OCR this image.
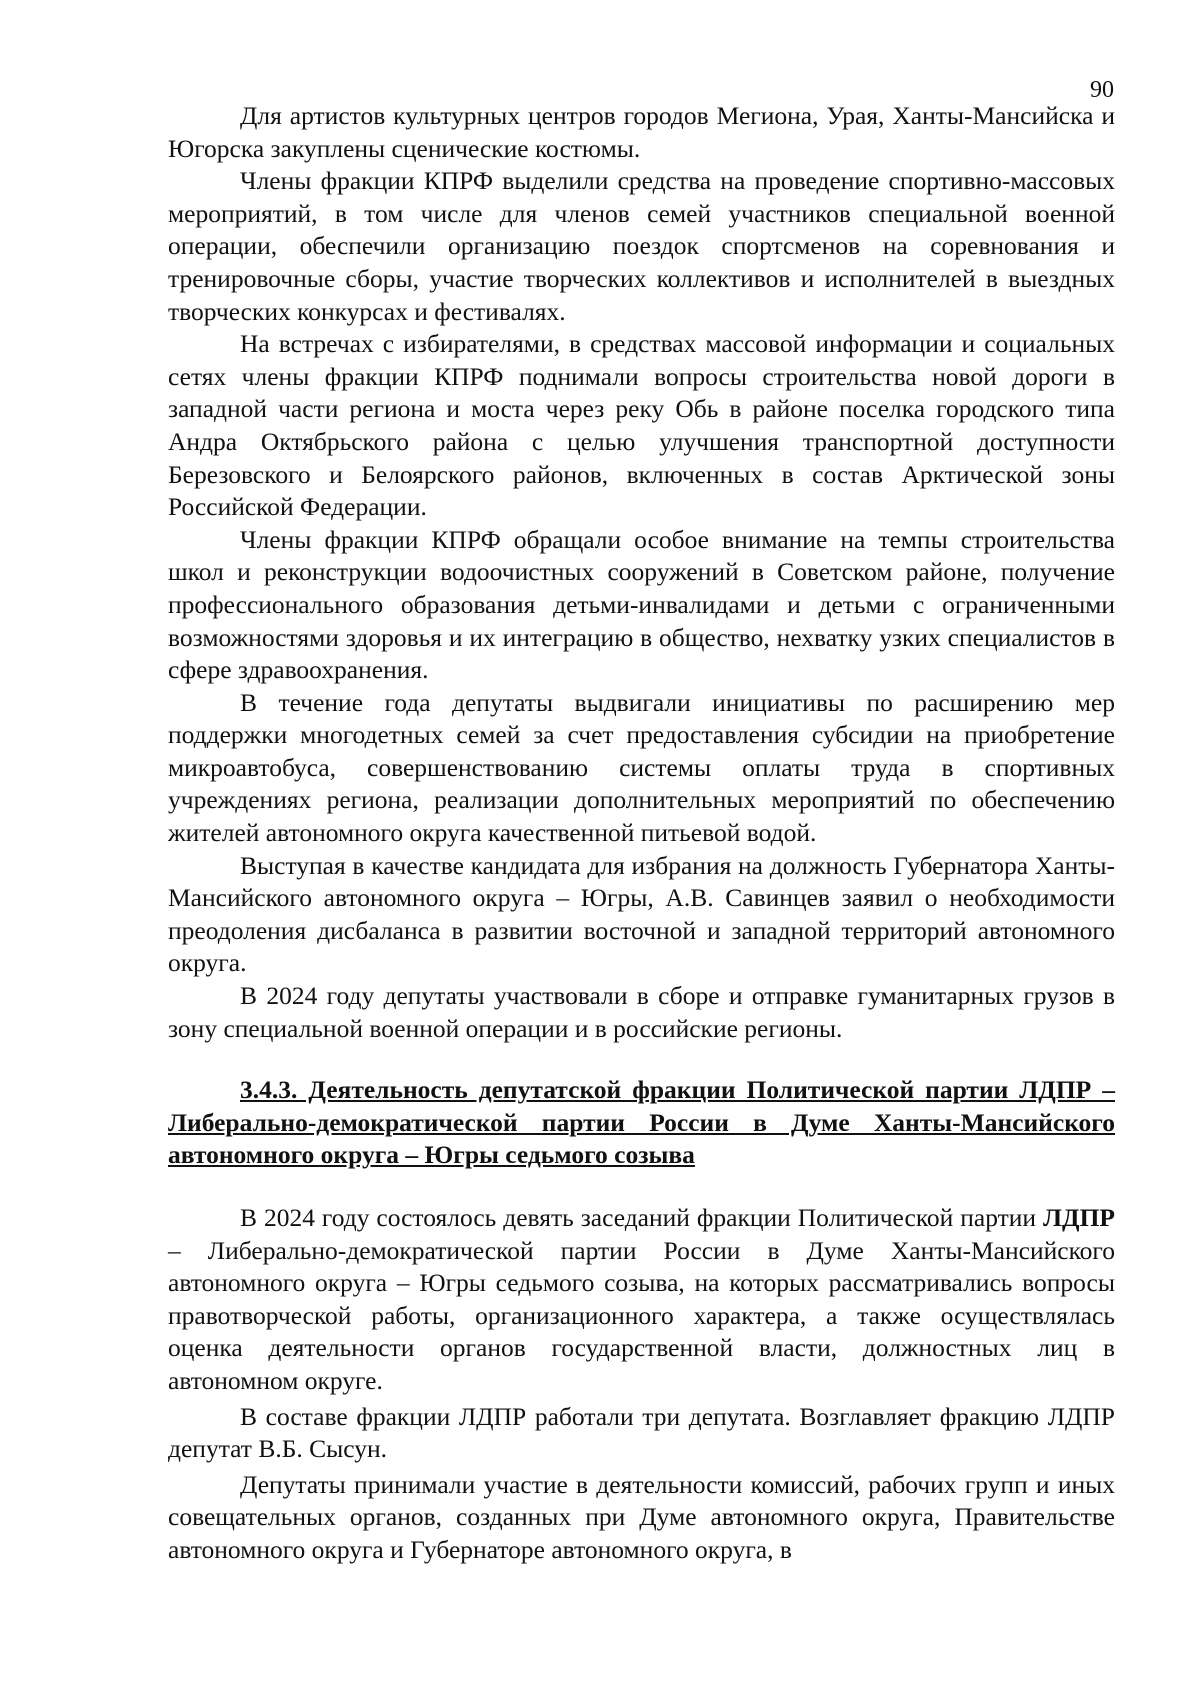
90

Для артистов культурных центров городов Мегиона, Урая, Ханты-Мансийска и Югорска закуплены сценические костюмы.

Члены фракции КПРФ выделили средства на проведение спортивно-массовых мероприятий, в том числе для членов семей участников специальной военной операции, обеспечили организацию поездок спортсменов на соревнования и тренировочные сборы, участие творческих коллективов и исполнителей в выездных творческих конкурсах и фестивалях.

На встречах с избирателями, в средствах массовой информации и социальных сетях члены фракции КПРФ поднимали вопросы строительства новой дороги в западной части региона и моста через реку Обь в районе поселка городского типа Андра Октябрьского района с целью улучшения транспортной доступности Березовского и Белоярского районов, включенных в состав Арктической зоны Российской Федерации.

Члены фракции КПРФ обращали особое внимание на темпы строительства школ и реконструкции водоочистных сооружений в Советском районе, получение профессионального образования детьми-инвалидами и детьми с ограниченными возможностями здоровья и их интеграцию в общество, нехватку узких специалистов в сфере здравоохранения.

В течение года депутаты выдвигали инициативы по расширению мер поддержки многодетных семей за счет предоставления субсидии на приобретение микроавтобуса, совершенствованию системы оплаты труда в спортивных учреждениях региона, реализации дополнительных мероприятий по обеспечению жителей автономного округа качественной питьевой водой.

Выступая в качестве кандидата для избрания на должность Губернатора Ханты-Мансийского автономного округа – Югры, А.В. Савинцев заявил о необходимости преодоления дисбаланса в развитии восточной и западной территорий автономного округа.

В 2024 году депутаты участвовали в сборе и отправке гуманитарных грузов в зону специальной военной операции и в российские регионы.

3.4.3. Деятельность депутатской фракции Политической партии ЛДПР – Либерально-демократической партии России в Думе Ханты-Мансийского автономного округа – Югры седьмого созыва

В 2024 году состоялось девять заседаний фракции Политической партии ЛДПР – Либерально-демократической партии России в Думе Ханты-Мансийского автономного округа – Югры седьмого созыва, на которых рассматривались вопросы правотворческой работы, организационного характера, а также осуществлялась оценка деятельности органов государственной власти, должностных лиц в автономном округе.

В составе фракции ЛДПР работали три депутата. Возглавляет фракцию ЛДПР депутат В.Б. Сысун.

Депутаты принимали участие в деятельности комиссий, рабочих групп и иных совещательных органов, созданных при Думе автономного округа, Правительстве автономного округа и Губернаторе автономного округа, в
